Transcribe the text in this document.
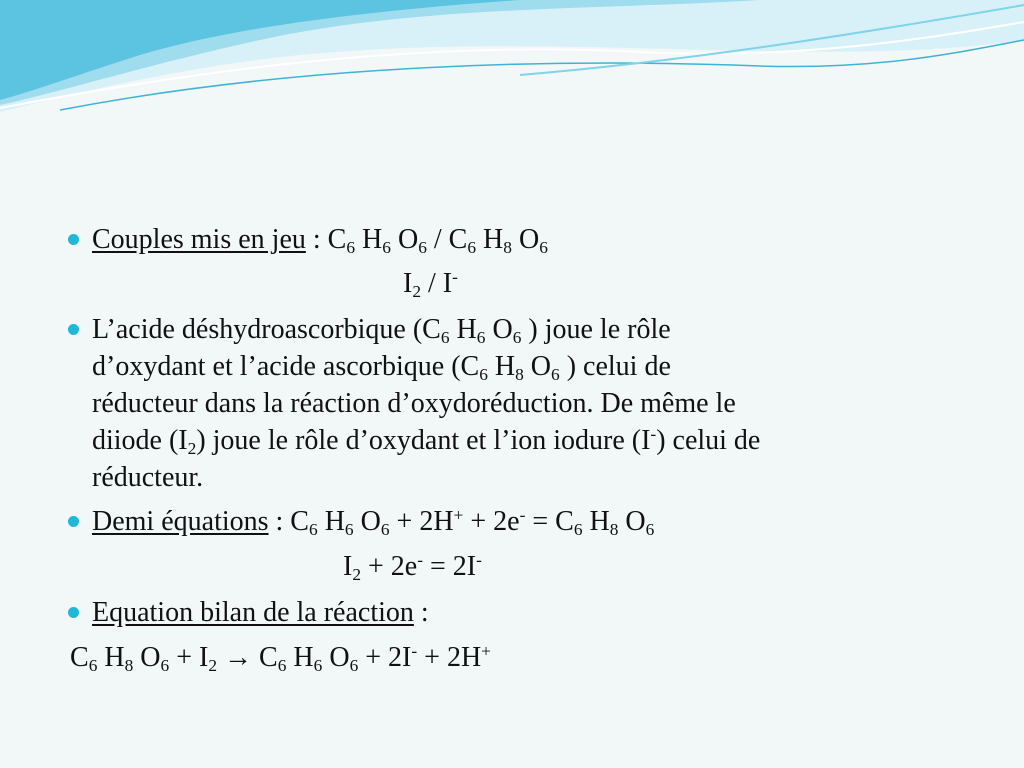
Couples mis en jeu : $C_6$ $H_6$ $O_6 / C_6$ $H_8$ $O_6$
$I_2 / I^-$
L’acide déshydroascorbique ($C_6$ $H_6$ $O_6$ ) joue le rôle
d’oxydant et l’acide ascorbique ($C_6$ $H_8$ $O_6$ ) celui de
réducteur dans la réaction d’oxydoréduction. De même le
diiode $(I_2)$ joue le rôle d’oxydant et l’ion iodure (I-) celui de
réducteur.
Demi équations : $C_6$ $H_6$ $O_6 + 2H^+ + 2e^- = C_6$ $H_8$ $O_6$
$I_2 + 2e^- = 2I^-$
Equation bilan de la réaction :
$C_6$ $H_8$ $O_6 + I_2 \to C_6$ $H_6$ $O_6 + 2I^- + 2H^+$
